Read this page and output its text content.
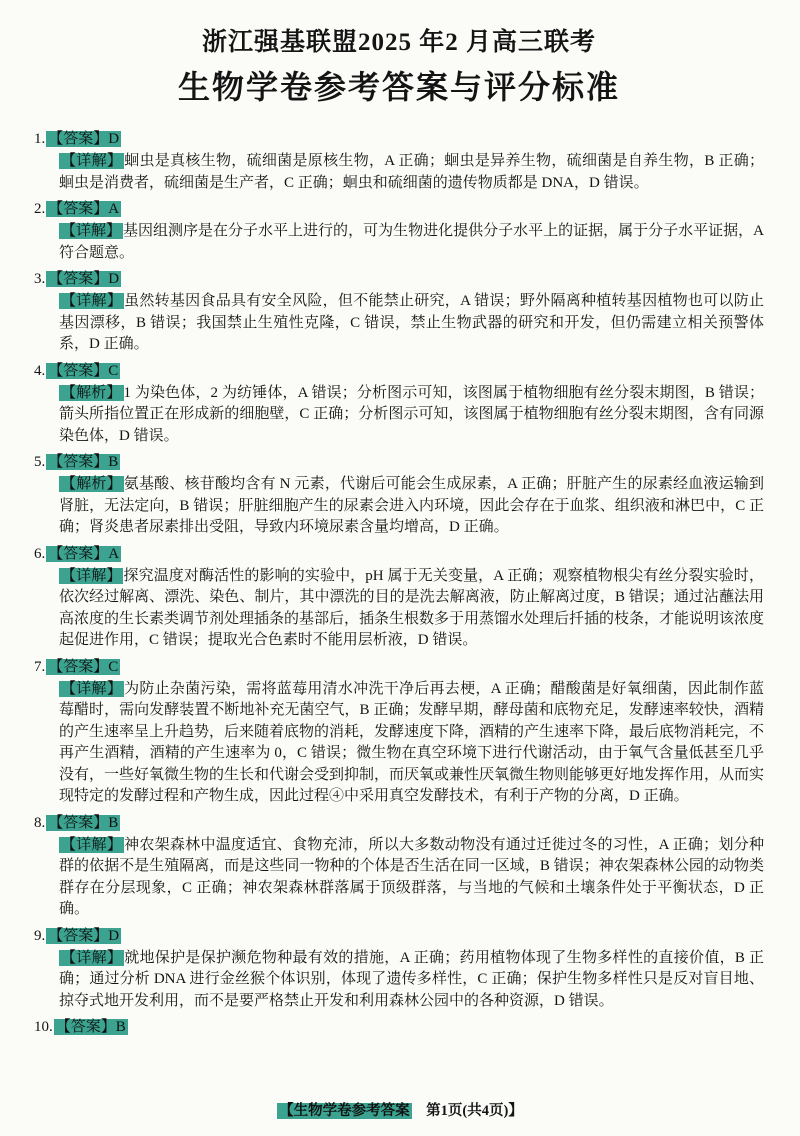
浙江强基联盟2025 年2 月高三联考
生物学卷参考答案与评分标准
1. 【答案】D
【详解】 蛔虫是真核生物，硫细菌是原核生物，A 正确；蛔虫是异养生物，硫细菌是自养生物，B 正确；蛔虫是消费者，硫细菌是生产者，C 正确；蛔虫和硫细菌的遗传物质都是 DNA，D 错误。
2. 【答案】A
【详解】 基因组测序是在分子水平上进行的，可为生物进化提供分子水平上的证据，属于分子水平证据，A 符合题意。
3. 【答案】D
【详解】 虽然转基因食品具有安全风险，但不能禁止研究，A 错误；野外隔离种植转基因植物也可以防止基因漂移，B 错误；我国禁止生殖性克隆，C 错误，禁止生物武器的研究和开发，但仍需建立相关预警体系，D 正确。
4. 【答案】C
【解析】 1 为染色体，2 为纺锤体，A 错误；分析图示可知，该图属于植物细胞有丝分裂末期图，B 错误；箭头所指位置正在形成新的细胞壁，C 正确；分析图示可知，该图属于植物细胞有丝分裂末期图，含有同源染色体，D 错误。
5. 【答案】B
【解析】 氨基酸、核苷酸均含有 N 元素，代谢后可能会生成尿素，A 正确；肝脏产生的尿素经血液运输到肾脏，无法定向，B 错误；肝脏细胞产生的尿素会进入内环境，因此会存在于血浆、组织液和淋巴中，C 正确；肾炎患者尿素排出受阻，导致内环境尿素含量均增高，D 正确。
6. 【答案】A
【详解】 探究温度对酶活性的影响的实验中，pH 属于无关变量，A 正确；观察植物根尖有丝分裂实验时，依次经过解离、漂洗、染色、制片，其中漂洗的目的是洗去解离液，防止解离过度，B 错误；通过沾蘸法用高浓度的生长素类调节剂处理插条的基部后，插条生根数多于用蒸馏水处理后扦插的枝条，才能说明该浓度起促进作用，C 错误；提取光合色素时不能用层析液，D 错误。
7. 【答案】C
【详解】 为防止杂菌污染，需将蓝莓用清水冲洗干净后再去梗，A 正确；醋酸菌是好氧细菌，因此制作蓝莓醋时，需向发酵装置不断地补充无菌空气，B 正确；发酵早期，酵母菌和底物充足，发酵速率较快，酒精的产生速率呈上升趋势，后来随着底物的消耗，发酵速度下降，酒精的产生速率下降，最后底物消耗完，不再产生酒精，酒精的产生速率为 0，C 错误；微生物在真空环境下进行代谢活动，由于氧气含量低甚至几乎没有，一些好氧微生物的生长和代谢会受到抑制，而厌氧或兼性厌氧微生物则能够更好地发挥作用，从而实现特定的发酵过程和产物生成，因此过程④中采用真空发酵技术，有利于产物的分离，D 正确。
8. 【答案】B
【详解】 神农架森林中温度适宜、食物充沛，所以大多数动物没有通过迁徙过冬的习性，A 正确；划分种群的依据不是生殖隔离，而是这些同一物种的个体是否生活在同一区域，B 错误；神农架森林公园的动物类群存在分层现象，C 正确；神农架森林群落属于顶级群落，与当地的气候和土壤条件处于平衡状态，D 正确。
9. 【答案】D
【详解】 就地保护是保护濒危物种最有效的措施，A 正确；药用植物体现了生物多样性的直接价值，B 正确；通过分析 DNA 进行金丝猴个体识别，体现了遗传多样性，C 正确；保护生物多样性只是反对盲目地、掠夺式地开发利用，而不是要严格禁止开发和利用森林公园中的各种资源，D 错误。
10. 【答案】B
【生物学卷参考答案　第1页(共4页)】
